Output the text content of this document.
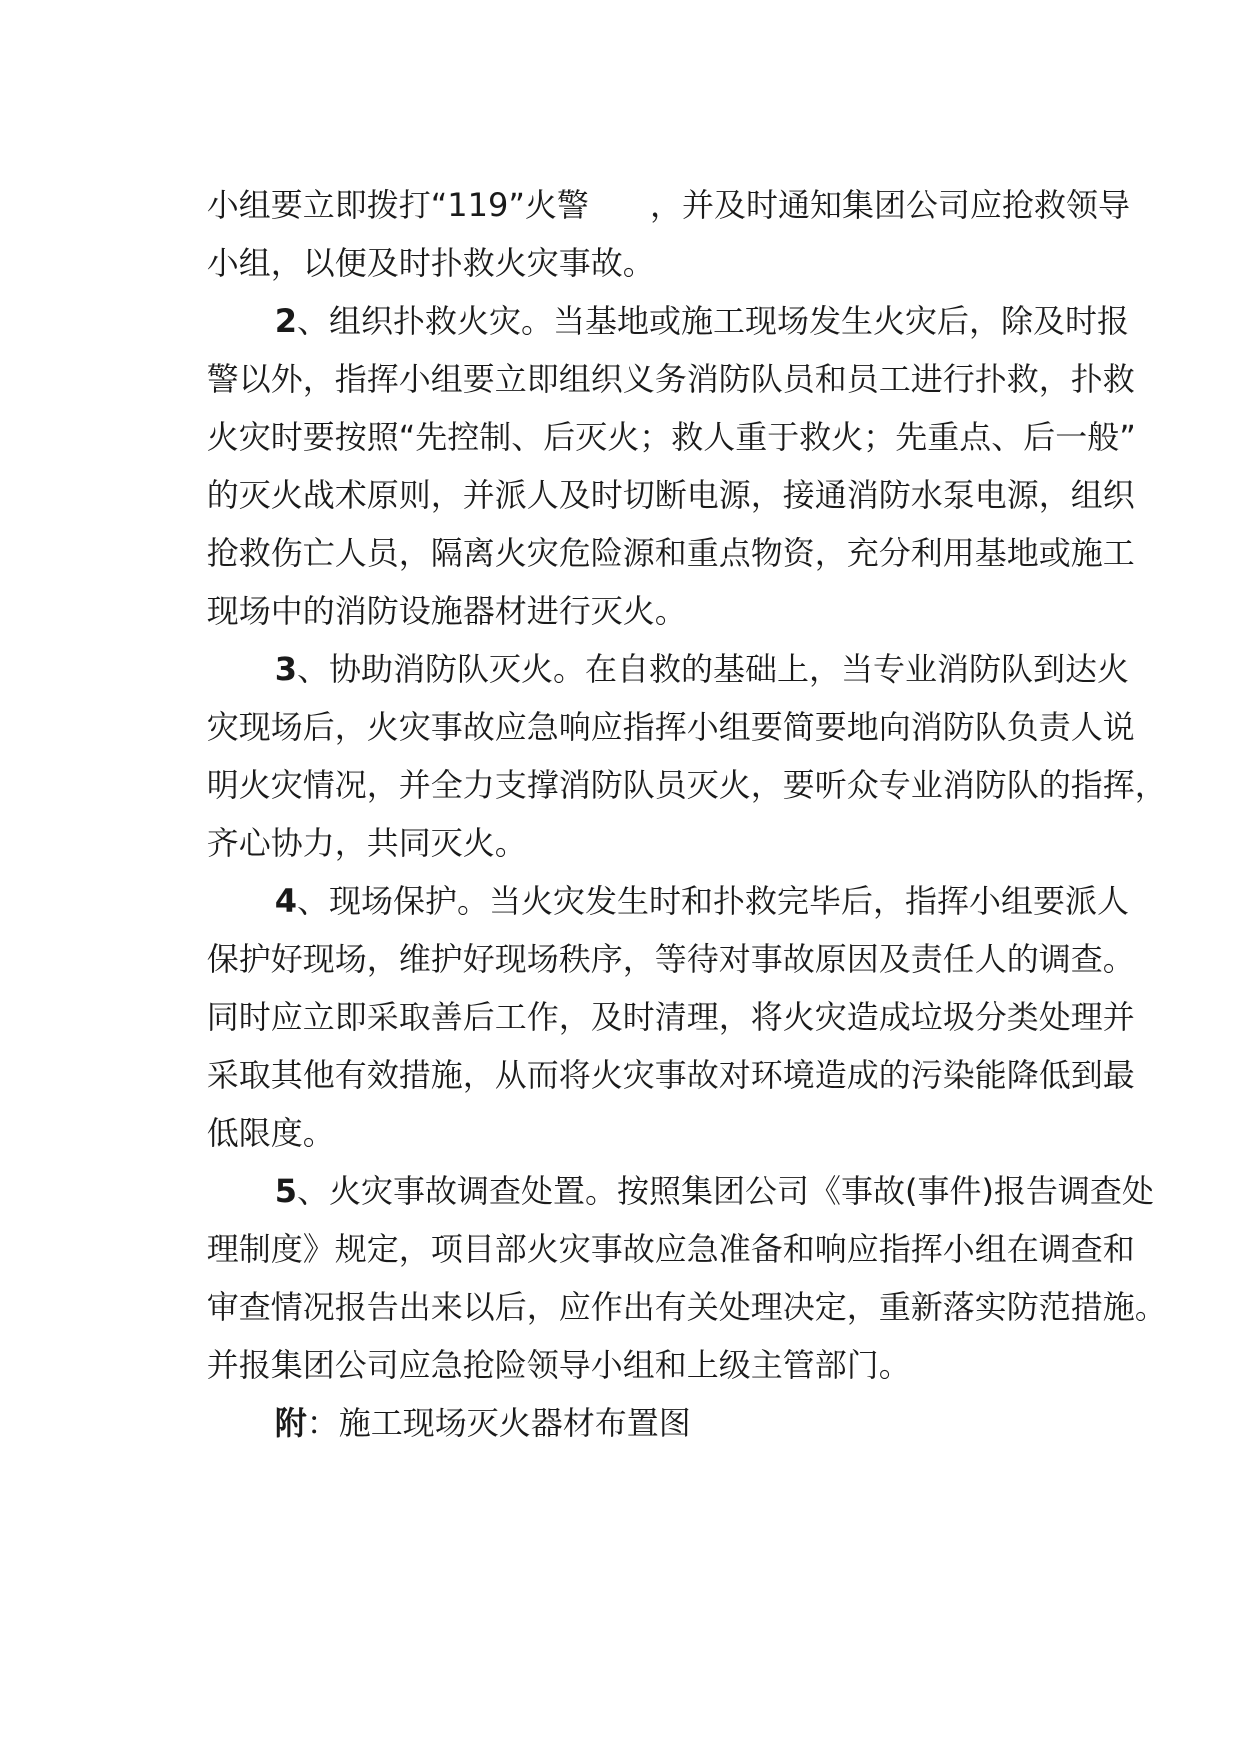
小组要立即拨打“119”火警      ，并及时通知集团公司应抢救领导

小组，以便及时扑救火灾事故。

2、组织扑救火灾。当基地或施工现场发生火灾后，除及时报

警以外，指挥小组要立即组织义务消防队员和员工进行扑救，扑救

火灾时要按照“先控制、后灭火；救人重于救火；先重点、后一般”

的灭火战术原则，并派人及时切断电源，接通消防水泵电源，组织

抢救伤亡人员，隔离火灾危险源和重点物资，充分利用基地或施工

现场中的消防设施器材进行灭火。

3、协助消防队灭火。在自救的基础上，当专业消防队到达火

灾现场后，火灾事故应急响应指挥小组要简要地向消防队负责人说

明火灾情况，并全力支撑消防队员灭火，要听众专业消防队的指挥，

齐心协力，共同灭火。

4、现场保护。当火灾发生时和扑救完毕后，指挥小组要派人

保护好现场，维护好现场秩序，等待对事故原因及责任人的调查。

同时应立即采取善后工作，及时清理，将火灾造成垃圾分类处理并

采取其他有效措施，从而将火灾事故对环境造成的污染能降低到最

低限度。

5、火灾事故调查处置。按照集团公司《事故(事件)报告调查处

理制度》规定，项目部火灾事故应急准备和响应指挥小组在调查和

审查情况报告出来以后，应作出有关处理决定，重新落实防范措施。

并报集团公司应急抢险领导小组和上级主管部门。

附：施工现场灭火器材布置图
